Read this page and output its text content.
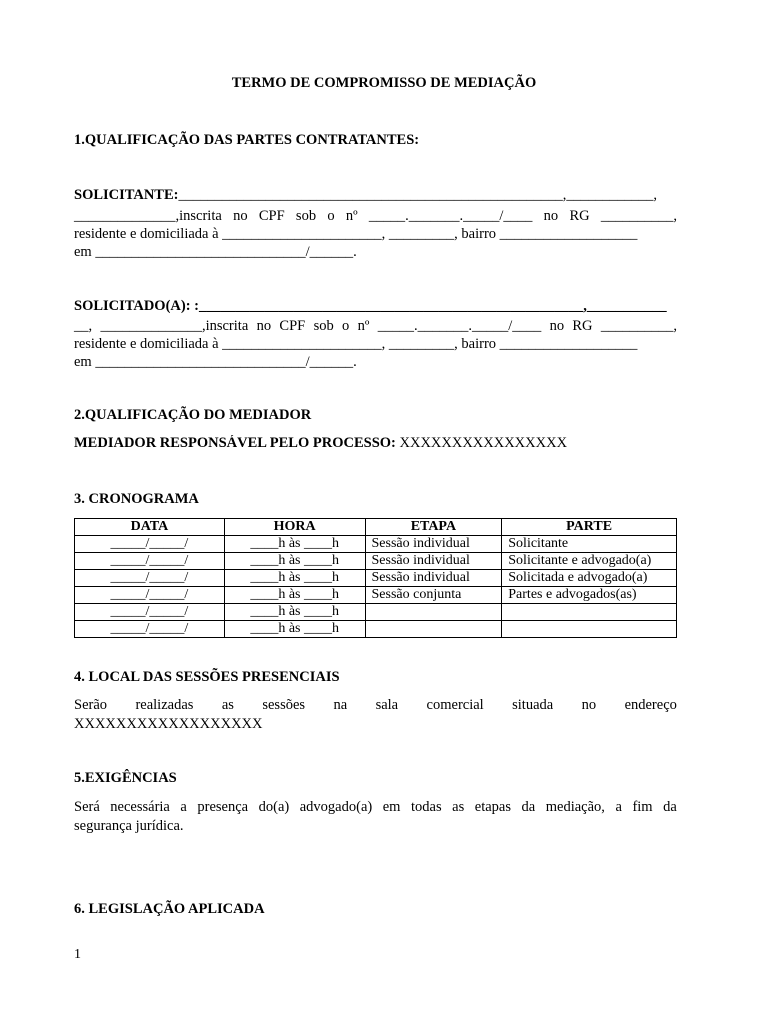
TERMO DE COMPROMISSO DE MEDIAÇÃO
1.QUALIFICAÇÃO DAS PARTES CONTRATANTES:
SOLICITANTE:_____________________________________________________,____________,
______________,inscrita no CPF sob o nº _____._______._____/____ no RG __________,
residente e domiciliada à ______________________, _________, bairro ___________________
em _____________________________/______.
SOLICITADO(A): :_____________________________________________________,___________
__, ______________,inscrita no CPF sob o nº _____._______._____/____ no RG __________,
residente e domiciliada à ______________________, _________, bairro ___________________
em _____________________________/______.
2.QUALIFICAÇÃO DO MEDIADOR
MEDIADOR RESPONSÁVEL PELO PROCESSO: XXXXXXXXXXXXXXXX
3. CRONOGRAMA
DATA	HORA	ETAPA	PARTE
_____/_____/	____h às ____h	Sessão individual	Solicitante
_____/_____/	____h às ____h	Sessão individual	Solicitante e advogado(a)
_____/_____/	____h às ____h	Sessão individual	Solicitada e advogado(a)
_____/_____/	____h às ____h	Sessão conjunta	Partes e advogados(as)
_____/_____/	____h às ____h		
_____/_____/	____h às ____h		
4. LOCAL DAS SESSÕES PRESENCIAIS
Serão realizadas as sessões na sala comercial situada no endereço
XXXXXXXXXXXXXXXXXX
5.EXIGÊNCIAS
Será necessária a presença do(a) advogado(a) em todas as etapas da mediação, a fim da
segurança jurídica.
6. LEGISLAÇÃO APLICADA
1
